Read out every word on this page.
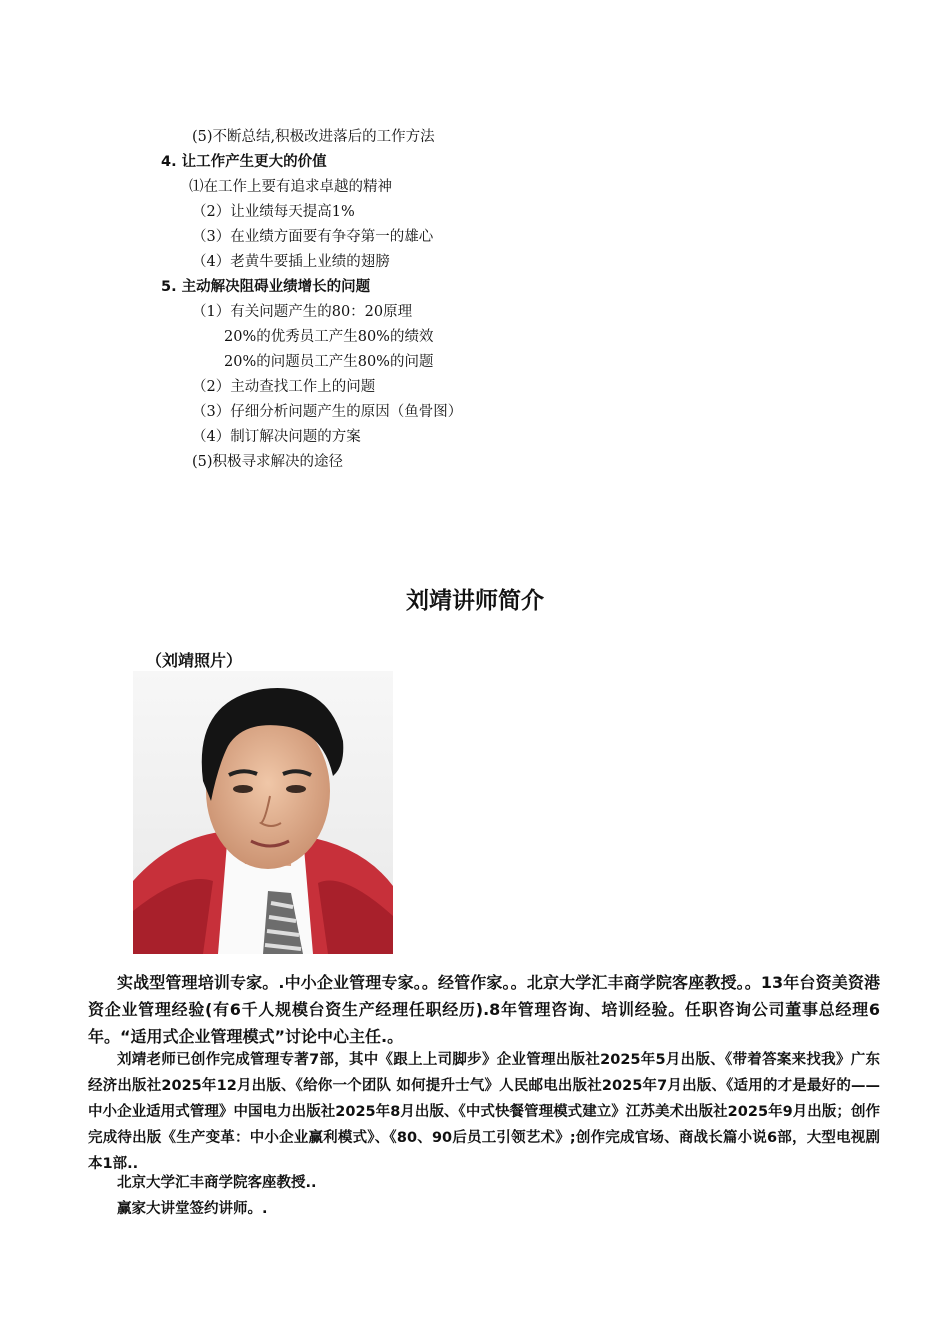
(5)不断总结,积极改进落后的工作方法
4. 让工作产生更大的价值
⑴在工作上要有追求卓越的精神
（2）让业绩每天提高1%
（3）在业绩方面要有争夺第一的雄心
（4）老黄牛要插上业绩的翅膀
5. 主动解决阻碍业绩增长的问题
（1）有关问题产生的80：20原理
20%的优秀员工产生80%的绩效
20%的问题员工产生80%的问题
（2）主动查找工作上的问题
（3）仔细分析问题产生的原因（鱼骨图）
（4）制订解决问题的方案
(5)积极寻求解决的途径
刘靖讲师简介
（刘靖照片）

实战型管理培训专家。.中小企业管理专家。。经管作家。。北京大学汇丰商学院客座教授。。13年台资美资港资企业管理经验(有6千人规模台资生产经理任职经历).8年管理咨询、培训经验。任职咨询公司董事总经理6年。“适用式企业管理模式”讨论中心主任.。

刘靖老师已创作完成管理专著7部，其中《跟上上司脚步》企业管理出版社2025年5月出版、《带着答案来找我》广东经济出版社2025年12月出版、《给你一个团队 如何提升士气》人民邮电出版社2025年7月出版、《适用的才是最好的——中小企业适用式管理》中国电力出版社2025年8月出版、《中式快餐管理模式建立》江苏美术出版社2025年9月出版；创作完成待出版《生产变革：中小企业赢利模式》、《80、90后员工引领艺术》;创作完成官场、商战长篇小说6部，大型电视剧本1部..

北京大学汇丰商学院客座教授..

赢家大讲堂签约讲师。.
